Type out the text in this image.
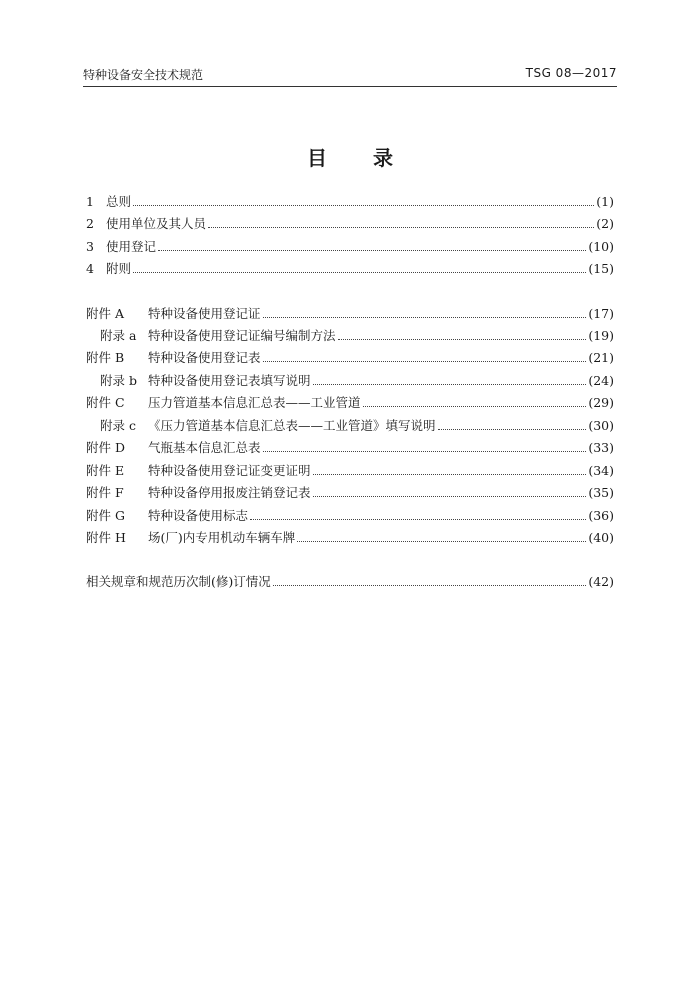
特种设备安全技术规范	TSG 08—2017
目 录
1 总则	(1)
2 使用单位及其人员	(2)
3 使用登记	(10)
4 附则	(15)
附件 A	特种设备使用登记证	(17)
附录 a 特种设备使用登记证编号编制方法	(19)
附件 B	特种设备使用登记表	(21)
附录 b 特种设备使用登记表填写说明	(24)
附件 C	压力管道基本信息汇总表——工业管道	(29)
附录 c 《压力管道基本信息汇总表——工业管道》填写说明	(30)
附件 D	气瓶基本信息汇总表	(33)
附件 E	特种设备使用登记证变更证明	(34)
附件 F	特种设备停用报废注销登记表	(35)
附件 G	特种设备使用标志	(36)
附件 H	场(厂)内专用机动车辆车牌	(40)
相关规章和规范历次制(修)订情况	(42)
